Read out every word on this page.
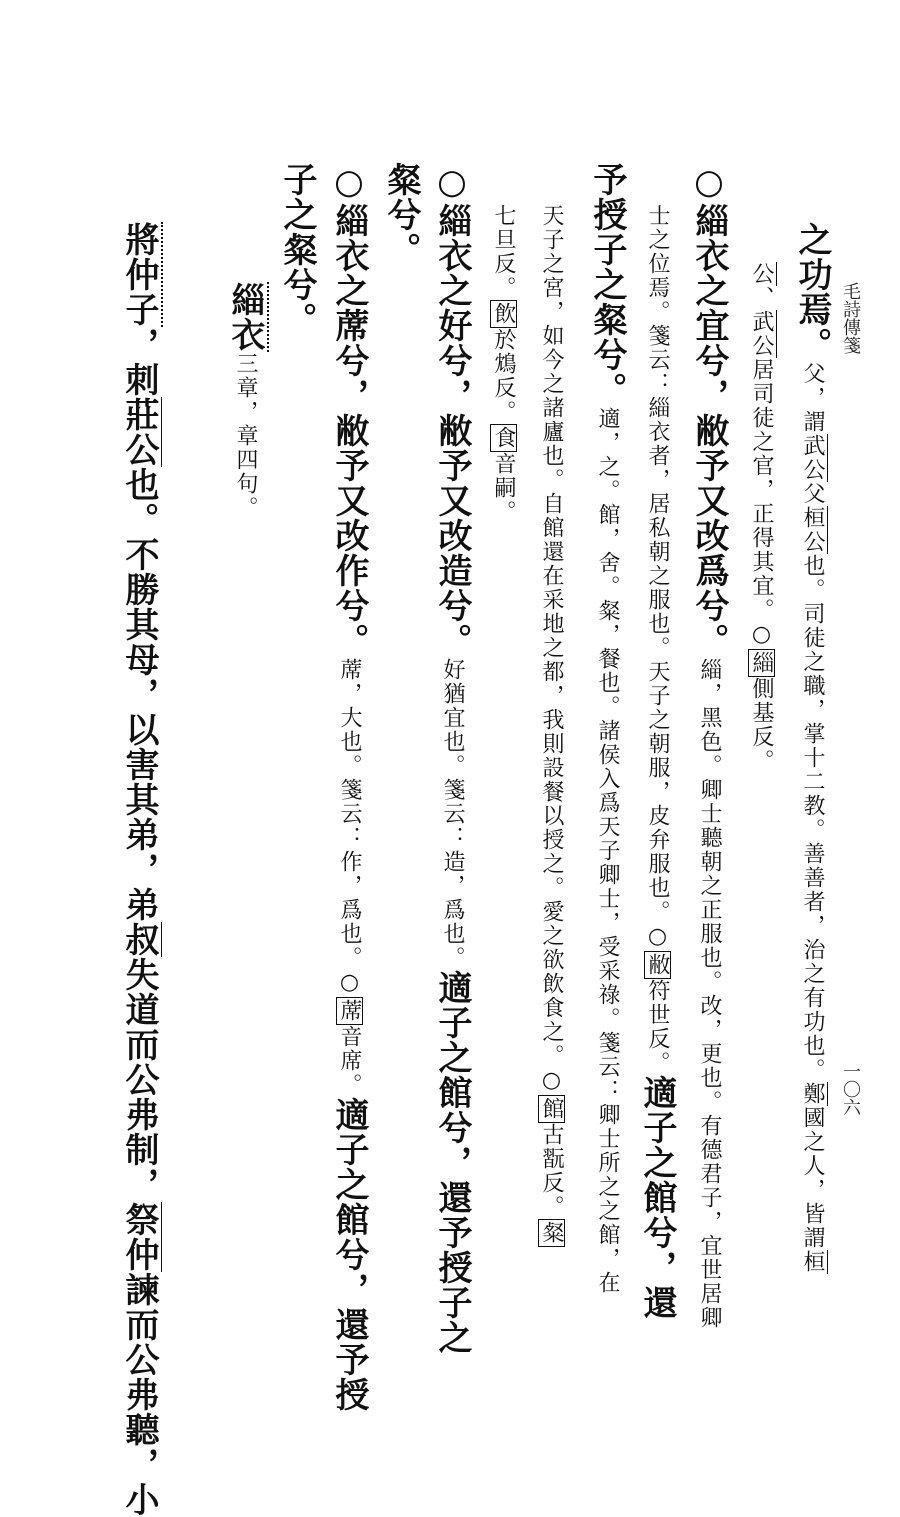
毛詩傳箋
一〇六
之功焉。父，謂武公父桓公也。司徒之職，掌十二教。善善者，治之有功也。鄭國之人，皆謂桓
公、武公居司徒之官，正得其宜。○緇側基反。
○緇衣之宜兮，敝予又改爲兮。緇，黑色。卿士聽朝之正服也。改，更也。有德君子，宜世居卿
士之位焉。箋云：緇衣者，居私朝之服也。天子之朝服，皮弁服也。○敝符世反。適子之館兮，還
予授子之粲兮。適，之。館，舍。粲，餐也。諸侯入爲天子卿士，受采祿。箋云：卿士所之之館，在
天子之宮，如今之諸廬也。自館還在采地之都，我則設餐以授之。愛之欲飲食之。○館古翫反。粲
七旦反。飲於鴆反。食音嗣。
○緇衣之好兮，敝予又改造兮。好猶宜也。箋云：造，爲也。適子之館兮，還予授子之
粲兮。
○緇衣之蓆兮，敝予又改作兮。蓆，大也。箋云：作，爲也。○蓆音席。適子之館兮，還予授
子之粲兮。
緇衣三章，章四句。
將仲子，刺莊公也。不勝其母，以害其弟，弟叔失道而公弗制，祭仲諫而公弗聽，小
